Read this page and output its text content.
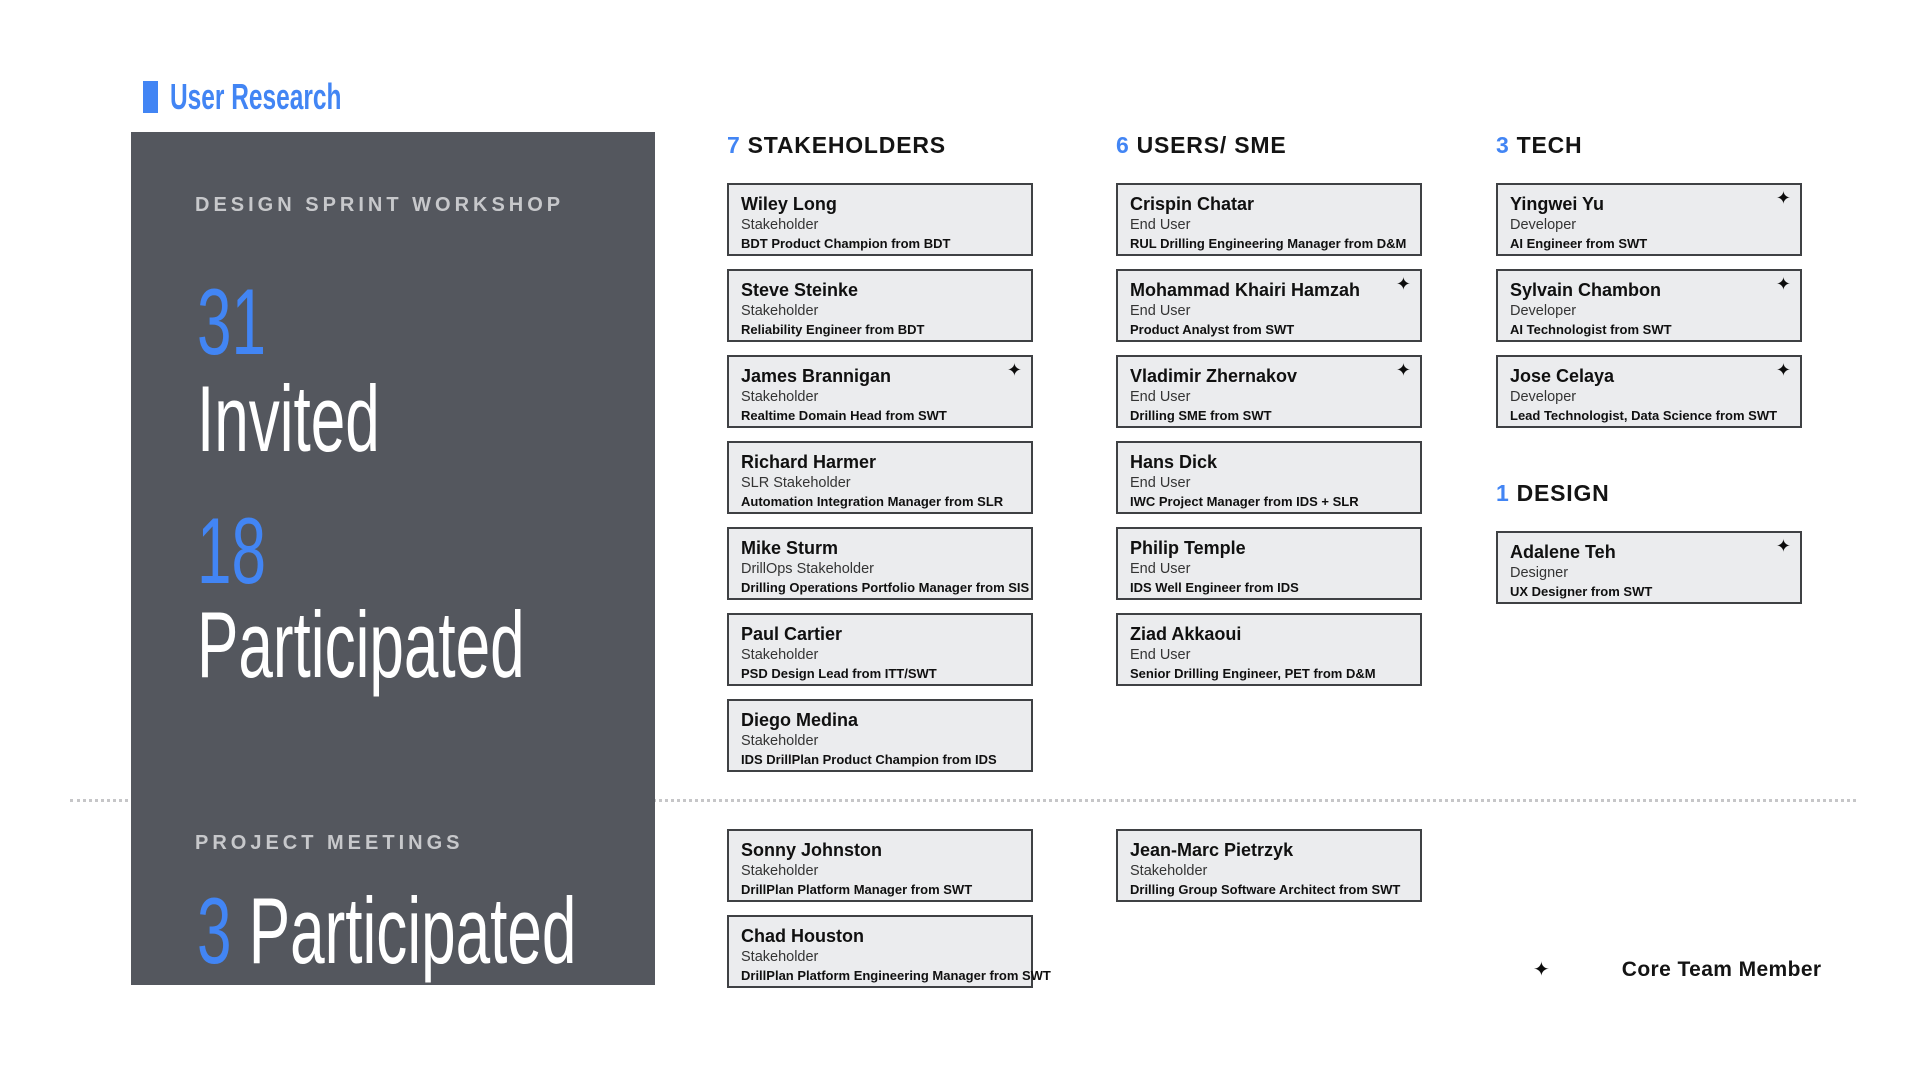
User Research
DESIGN SPRINT WORKSHOP
31
Invited
18
Participated
PROJECT MEETINGS
3 Participated
7 STAKEHOLDERS
Wiley Long
Stakeholder
BDT Product Champion from BDT
Steve Steinke
Stakeholder
Reliability Engineer from BDT
✦
James Brannigan
Stakeholder
Realtime Domain Head from SWT
Richard Harmer
SLR Stakeholder
Automation Integration Manager from SLR
Mike Sturm
DrillOps Stakeholder
Drilling Operations Portfolio Manager from SIS
Paul Cartier
Stakeholder
PSD Design Lead from ITT/SWT
Diego Medina
Stakeholder
IDS DrillPlan Product Champion from IDS
6 USERS/ SME
Crispin Chatar
End User
RUL Drilling Engineering Manager from D&M
✦
Mohammad Khairi Hamzah
End User
Product Analyst from SWT
✦
Vladimir Zhernakov
End User
Drilling SME from SWT
Hans Dick
End User
IWC Project Manager from IDS + SLR
Philip Temple
End User
IDS Well Engineer from IDS
Ziad Akkaoui
End User
Senior Drilling Engineer, PET from D&M
3 TECH
✦
Yingwei Yu
Developer
AI Engineer from SWT
✦
Sylvain Chambon
Developer
AI Technologist from SWT
✦
Jose Celaya
Developer
Lead Technologist, Data Science from SWT
1 DESIGN
✦
Adalene Teh
Designer
UX Designer from SWT
Sonny Johnston
Stakeholder
DrillPlan Platform Manager from SWT
Chad Houston
Stakeholder
DrillPlan Platform Engineering Manager from SWT
Jean-Marc Pietrzyk
Stakeholder
Drilling Group Software Architect from SWT
✦	Core Team Member
